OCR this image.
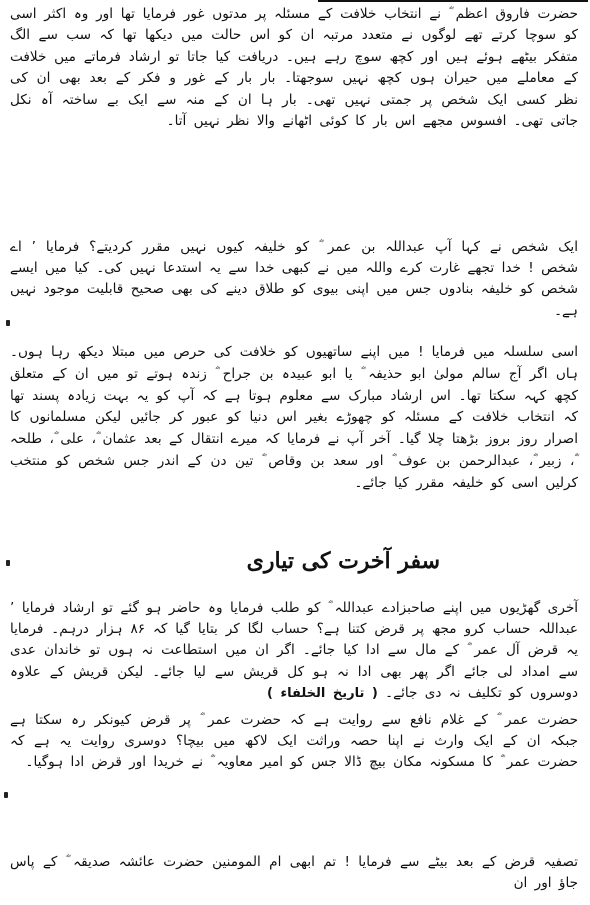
حضرت فاروق اعظم ؓ نے انتخاب خلافت کے مسئلہ پر مدتوں غور فرمایا تھا اور وہ اکثر اسی کو سوچا کرتے تھے لوگوں نے متعدد مرتبہ ان کو اس حالت میں دیکھا تھا کہ سب سے الگ متفکر بیٹھے ہوئے ہیں اور کچھ سوچ رہے ہیں۔ دریافت کیا جاتا تو ارشاد فرماتے میں خلافت کے معاملے میں حیران ہوں کچھ نہیں سوجھتا۔ بار بار کے غور و فکر کے بعد بھی ان کی نظر کسی ایک شخص پر جمتی نہیں تھی۔ بار ہا ان کے منہ سے ایک بے ساختہ آہ نکل جاتی تھی۔ افسوس مجھے اس بار کا کوئی اٹھانے والا نظر نہیں آتا۔

ایک شخص نے کہا آپ عبداللہ بن عمر ؓ کو خلیفہ کیوں نہیں مقرر کردیتے؟ فرمایا ’ اے شخص ! خدا تجھے غارت کرے واللہ میں نے کبھی خدا سے یہ استدعا نہیں کی۔ کیا میں ایسے شخص کو خلیفہ بنادوں جس میں اپنی بیوی کو طلاق دینے کی بھی صحیح قابلیت موجود نہیں ہے۔

اسی سلسلہ میں فرمایا ! میں اپنے ساتھیوں کو خلافت کی حرص میں مبتلا دیکھ رہا ہوں۔ ہاں اگر آج سالم مولیٰ ابو حذیفہ ؓ یا ابو عبیدہ بن جراح ؓ زندہ ہوتے تو میں ان کے متعلق کچھ کہہ سکتا تھا۔ اس ارشاد مبارک سے معلوم ہوتا ہے کہ آپ کو یہ بہت زیادہ پسند تھا کہ انتخاب خلافت کے مسئلہ کو چھوڑے بغیر اس دنیا کو عبور کر جائیں لیکن مسلمانوں کا اصرار روز بروز بڑھتا چلا گیا۔ آخر آپ نے فرمایا کہ میرے انتقال کے بعد عثمان ؓ، علی ؓ، طلحہ ؓ، زبیر ؓ، عبدالرحمن بن عوف ؓ اور سعد بن وقاص ؓ تین دن کے اندر جس شخص کو منتخب کرلیں اسی کو خلیفہ مقرر کیا جائے۔

سفر آخرت کی تیاری

آخری گھڑیوں میں اپنے صاحبزادے عبداللہ ؓ کو طلب فرمایا وہ حاضر ہو گئے تو ارشاد فرمایا ’ عبداللہ حساب کرو مجھ پر قرض کتنا ہے؟ حساب لگا کر بتایا گیا کہ ۸۶ ہزار درہم۔ فرمایا یہ قرض آل عمر ؓ کے مال سے ادا کیا جائے۔ اگر ان میں استطاعت نہ ہوں تو خاندان عدی سے امداد لی جائے اگر پھر بھی ادا نہ ہو کل قریش سے لیا جائے۔ لیکن قریش کے علاوہ دوسروں کو تکلیف نہ دی جائے۔ ( تاریخ الخلفاء )

حضرت عمر ؓ کے غلام نافع سے روایت ہے کہ حضرت عمر ؓ پر قرض کیونکر رہ سکتا ہے جبکہ ان کے ایک وارث نے اپنا حصہ وراثت ایک لاکھ میں بیچا؟ دوسری روایت یہ ہے کہ حضرت عمر ؓ کا مسکونہ مکان بیچ ڈالا جس کو امیر معاویہ ؓ نے خریدا اور قرض ادا ہوگیا۔

تصفیہ قرض کے بعد بیٹے سے فرمایا ! تم ابھی ام المومنین حضرت عائشہ صدیقہ ؓ کے پاس جاؤ اور ان
